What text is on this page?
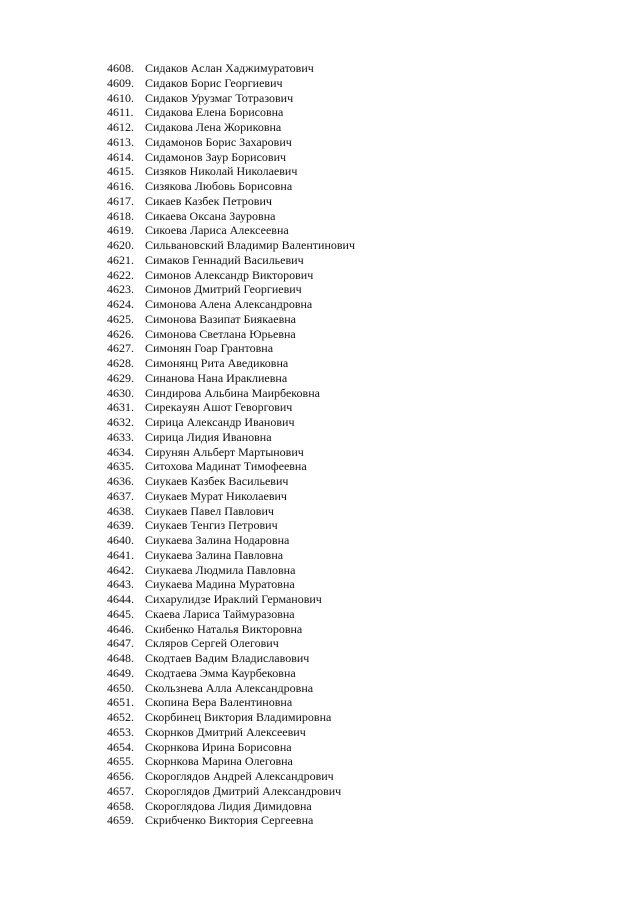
4608. Сидаков Аслан Хаджимуратович
4609. Сидаков Борис Георгиевич
4610. Сидаков Урузмаг Тотразович
4611. Сидакова Елена Борисовна
4612. Сидакова Лена Жориковна
4613. Сидамонов Борис Захарович
4614. Сидамонов Заур Борисович
4615. Сизяков Николай Николаевич
4616. Сизякова Любовь Борисовна
4617. Сикаев Казбек Петрович
4618. Сикаева Оксана Зауровна
4619. Сикоева Лариса Алексеевна
4620. Сильвановский Владимир Валентинович
4621. Симаков Геннадий Васильевич
4622. Симонов Александр Викторович
4623. Симонов Дмитрий Георгиевич
4624. Симонова Алена Александровна
4625. Симонова Вазипат Биякаевна
4626. Симонова Светлана Юрьевна
4627. Симонян Гоар Грантовна
4628. Симонянц Рита Аведиковна
4629. Синанова Нана Ираклиевна
4630. Синдирова Альбина Маирбековна
4631. Сирекаyян Ашот Геворгович
4632. Сирица Александр Иванович
4633. Сирица Лидия Ивановна
4634. Сирунян Альберт Мартынович
4635. Ситохова Мадинат Тимофеевна
4636. Сиукаев Казбек Васильевич
4637. Сиукаев Мурат Николаевич
4638. Сиукаев Павел Павлович
4639. Сиукаев Тенгиз Петрович
4640. Сиукаева Залина Нодаровна
4641. Сиукаева Залина Павловна
4642. Сиукаева Людмила Павловна
4643. Сиукаева Мадина Муратовна
4644. Сихарулидзе Ираклий Германович
4645. Скаева Лариса Таймуразовна
4646. Скибенко Наталья Викторовна
4647. Скляров Сергей Олегович
4648. Скодтаев Вадим Владиславович
4649. Скодтаева Эмма Каурбековна
4650. Скользнева Алла Александровна
4651. Скопина Вера Валентиновна
4652. Скорбинец Виктория Владимировна
4653. Скорнков Дмитрий Алексеевич
4654. Скорнкова Ирина Борисовна
4655. Скорнкова Марина Олеговна
4656. Скороглядов Андрей Александрович
4657. Скороглядов Дмитрий Александрович
4658. Скороглядова Лидия Димидовна
4659. Скрибченко Виктория Сергеевна
